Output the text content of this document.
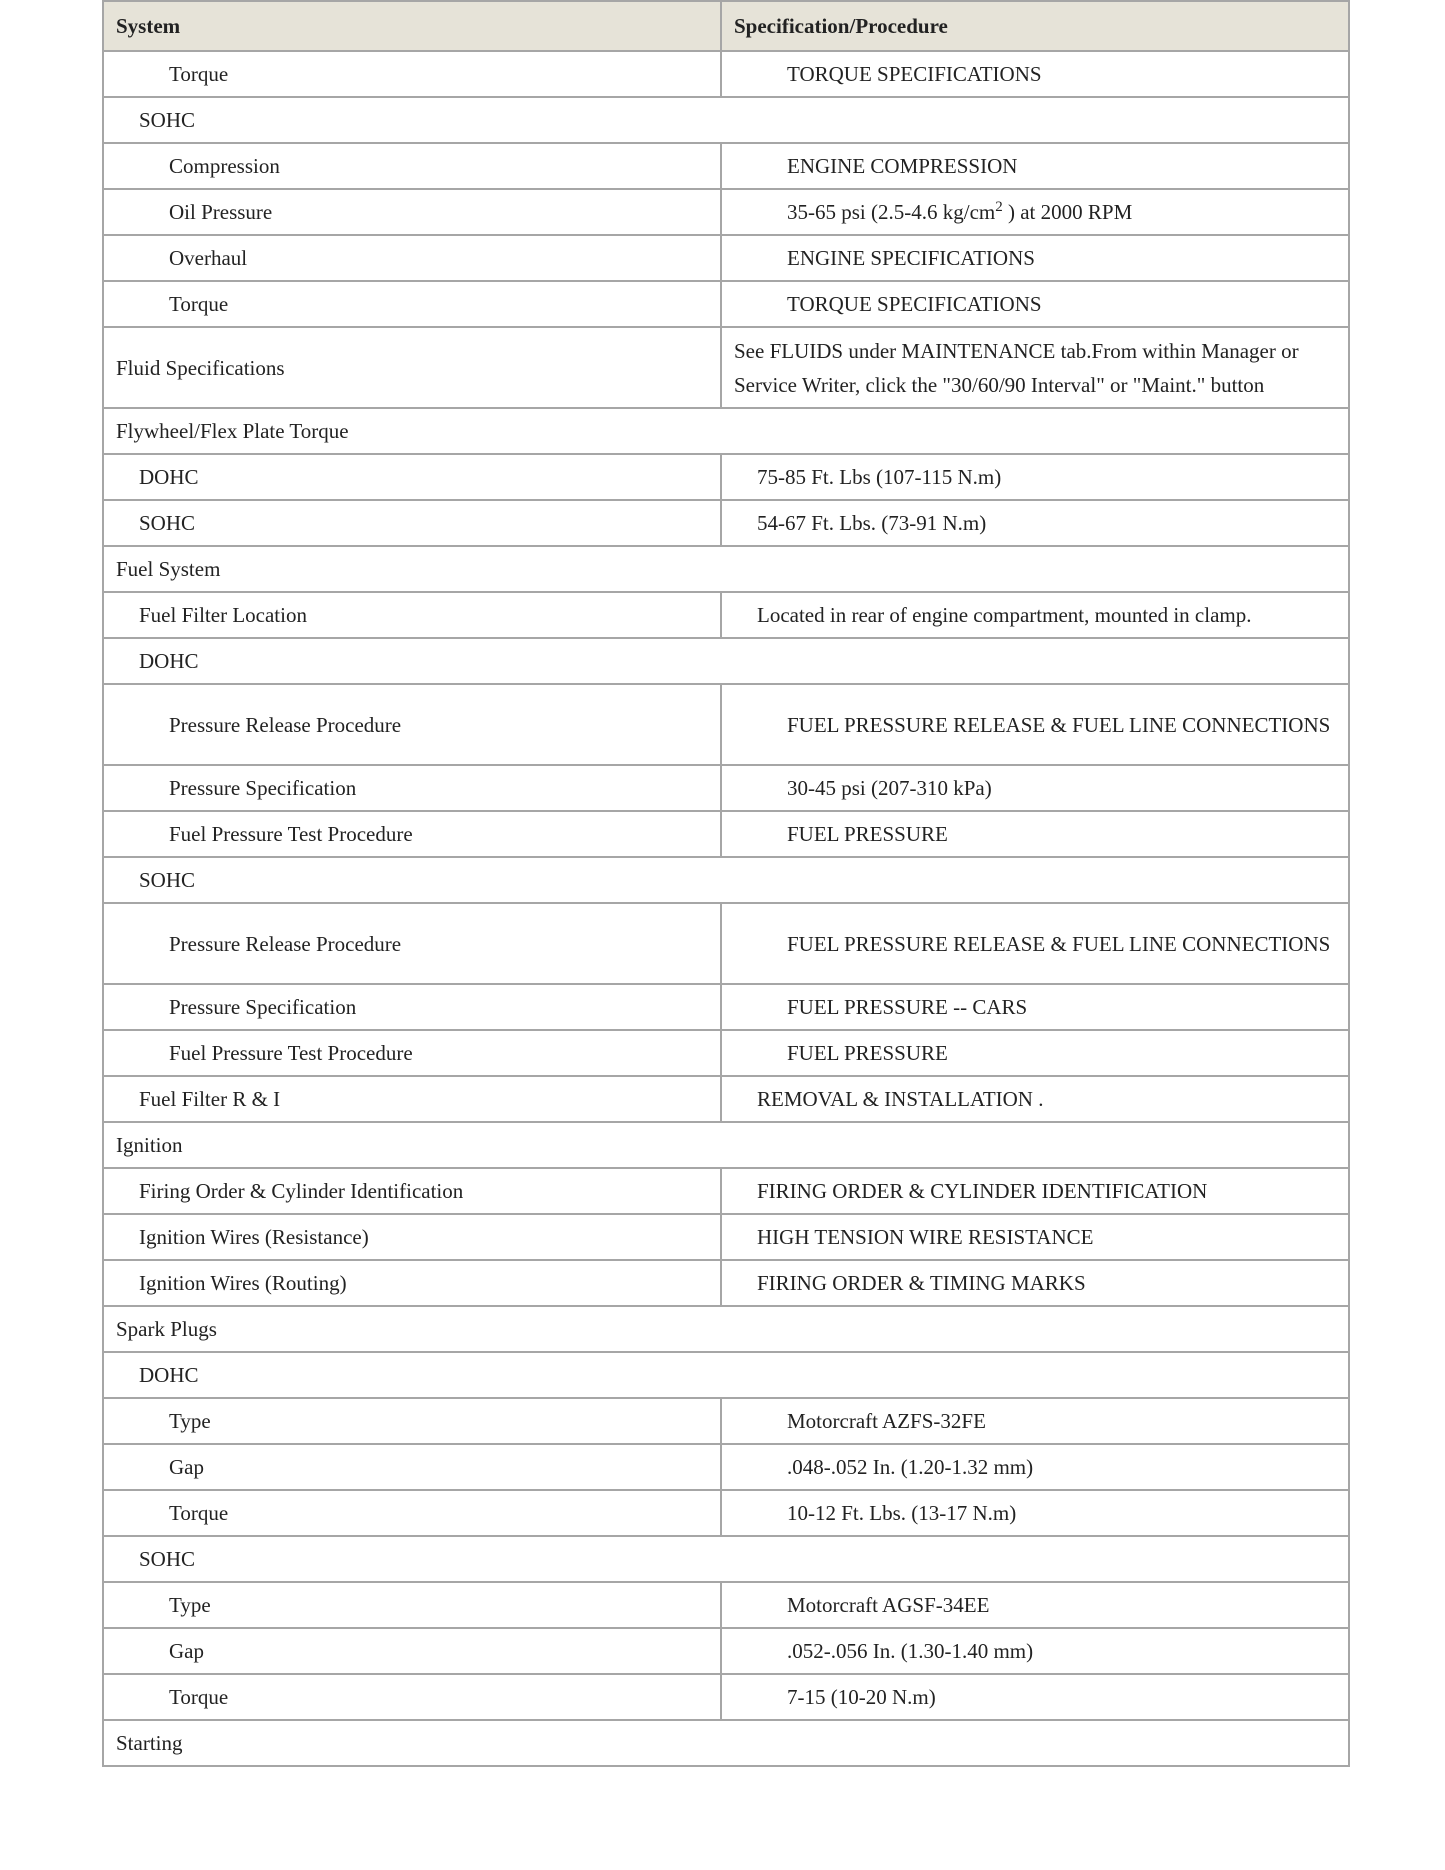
System	Specification/Procedure
Torque	TORQUE SPECIFICATIONS
SOHC	
Compression	ENGINE COMPRESSION
Oil Pressure	35-65 psi (2.5-4.6 $kg/cm^2$ ) at 2000 RPM
Overhaul	ENGINE SPECIFICATIONS
Torque	TORQUE SPECIFICATIONS
Fluid Specifications	See FLUIDS under MAINTENANCE tab.From within Manager or Service Writer, click the "30/60/90 Interval" or "Maint." button
Flywheel/Flex Plate Torque	
DOHC	75-85 Ft. Lbs (107-115 N.m)
SOHC	54-67 Ft. Lbs. (73-91 N.m)
Fuel System	
Fuel Filter Location	Located in rear of engine compartment, mounted in clamp.
DOHC	
Pressure Release Procedure	FUEL PRESSURE RELEASE & FUEL LINE CONNECTIONS
Pressure Specification	30-45 psi (207-310 kPa)
Fuel Pressure Test Procedure	FUEL PRESSURE
SOHC	
Pressure Release Procedure	FUEL PRESSURE RELEASE & FUEL LINE CONNECTIONS
Pressure Specification	FUEL PRESSURE -- CARS
Fuel Pressure Test Procedure	FUEL PRESSURE
Fuel Filter R & I	REMOVAL & INSTALLATION .
Ignition	
Firing Order & Cylinder Identification	FIRING ORDER & CYLINDER IDENTIFICATION
Ignition Wires (Resistance)	HIGH TENSION WIRE RESISTANCE
Ignition Wires (Routing)	FIRING ORDER & TIMING MARKS
Spark Plugs	
DOHC	
Type	Motorcraft AZFS-32FE
Gap	.048-.052 In. (1.20-1.32 mm)
Torque	10-12 Ft. Lbs. (13-17 N.m)
SOHC	
Type	Motorcraft AGSF-34EE
Gap	.052-.056 In. (1.30-1.40 mm)
Torque	7-15 (10-20 N.m)
Starting	
